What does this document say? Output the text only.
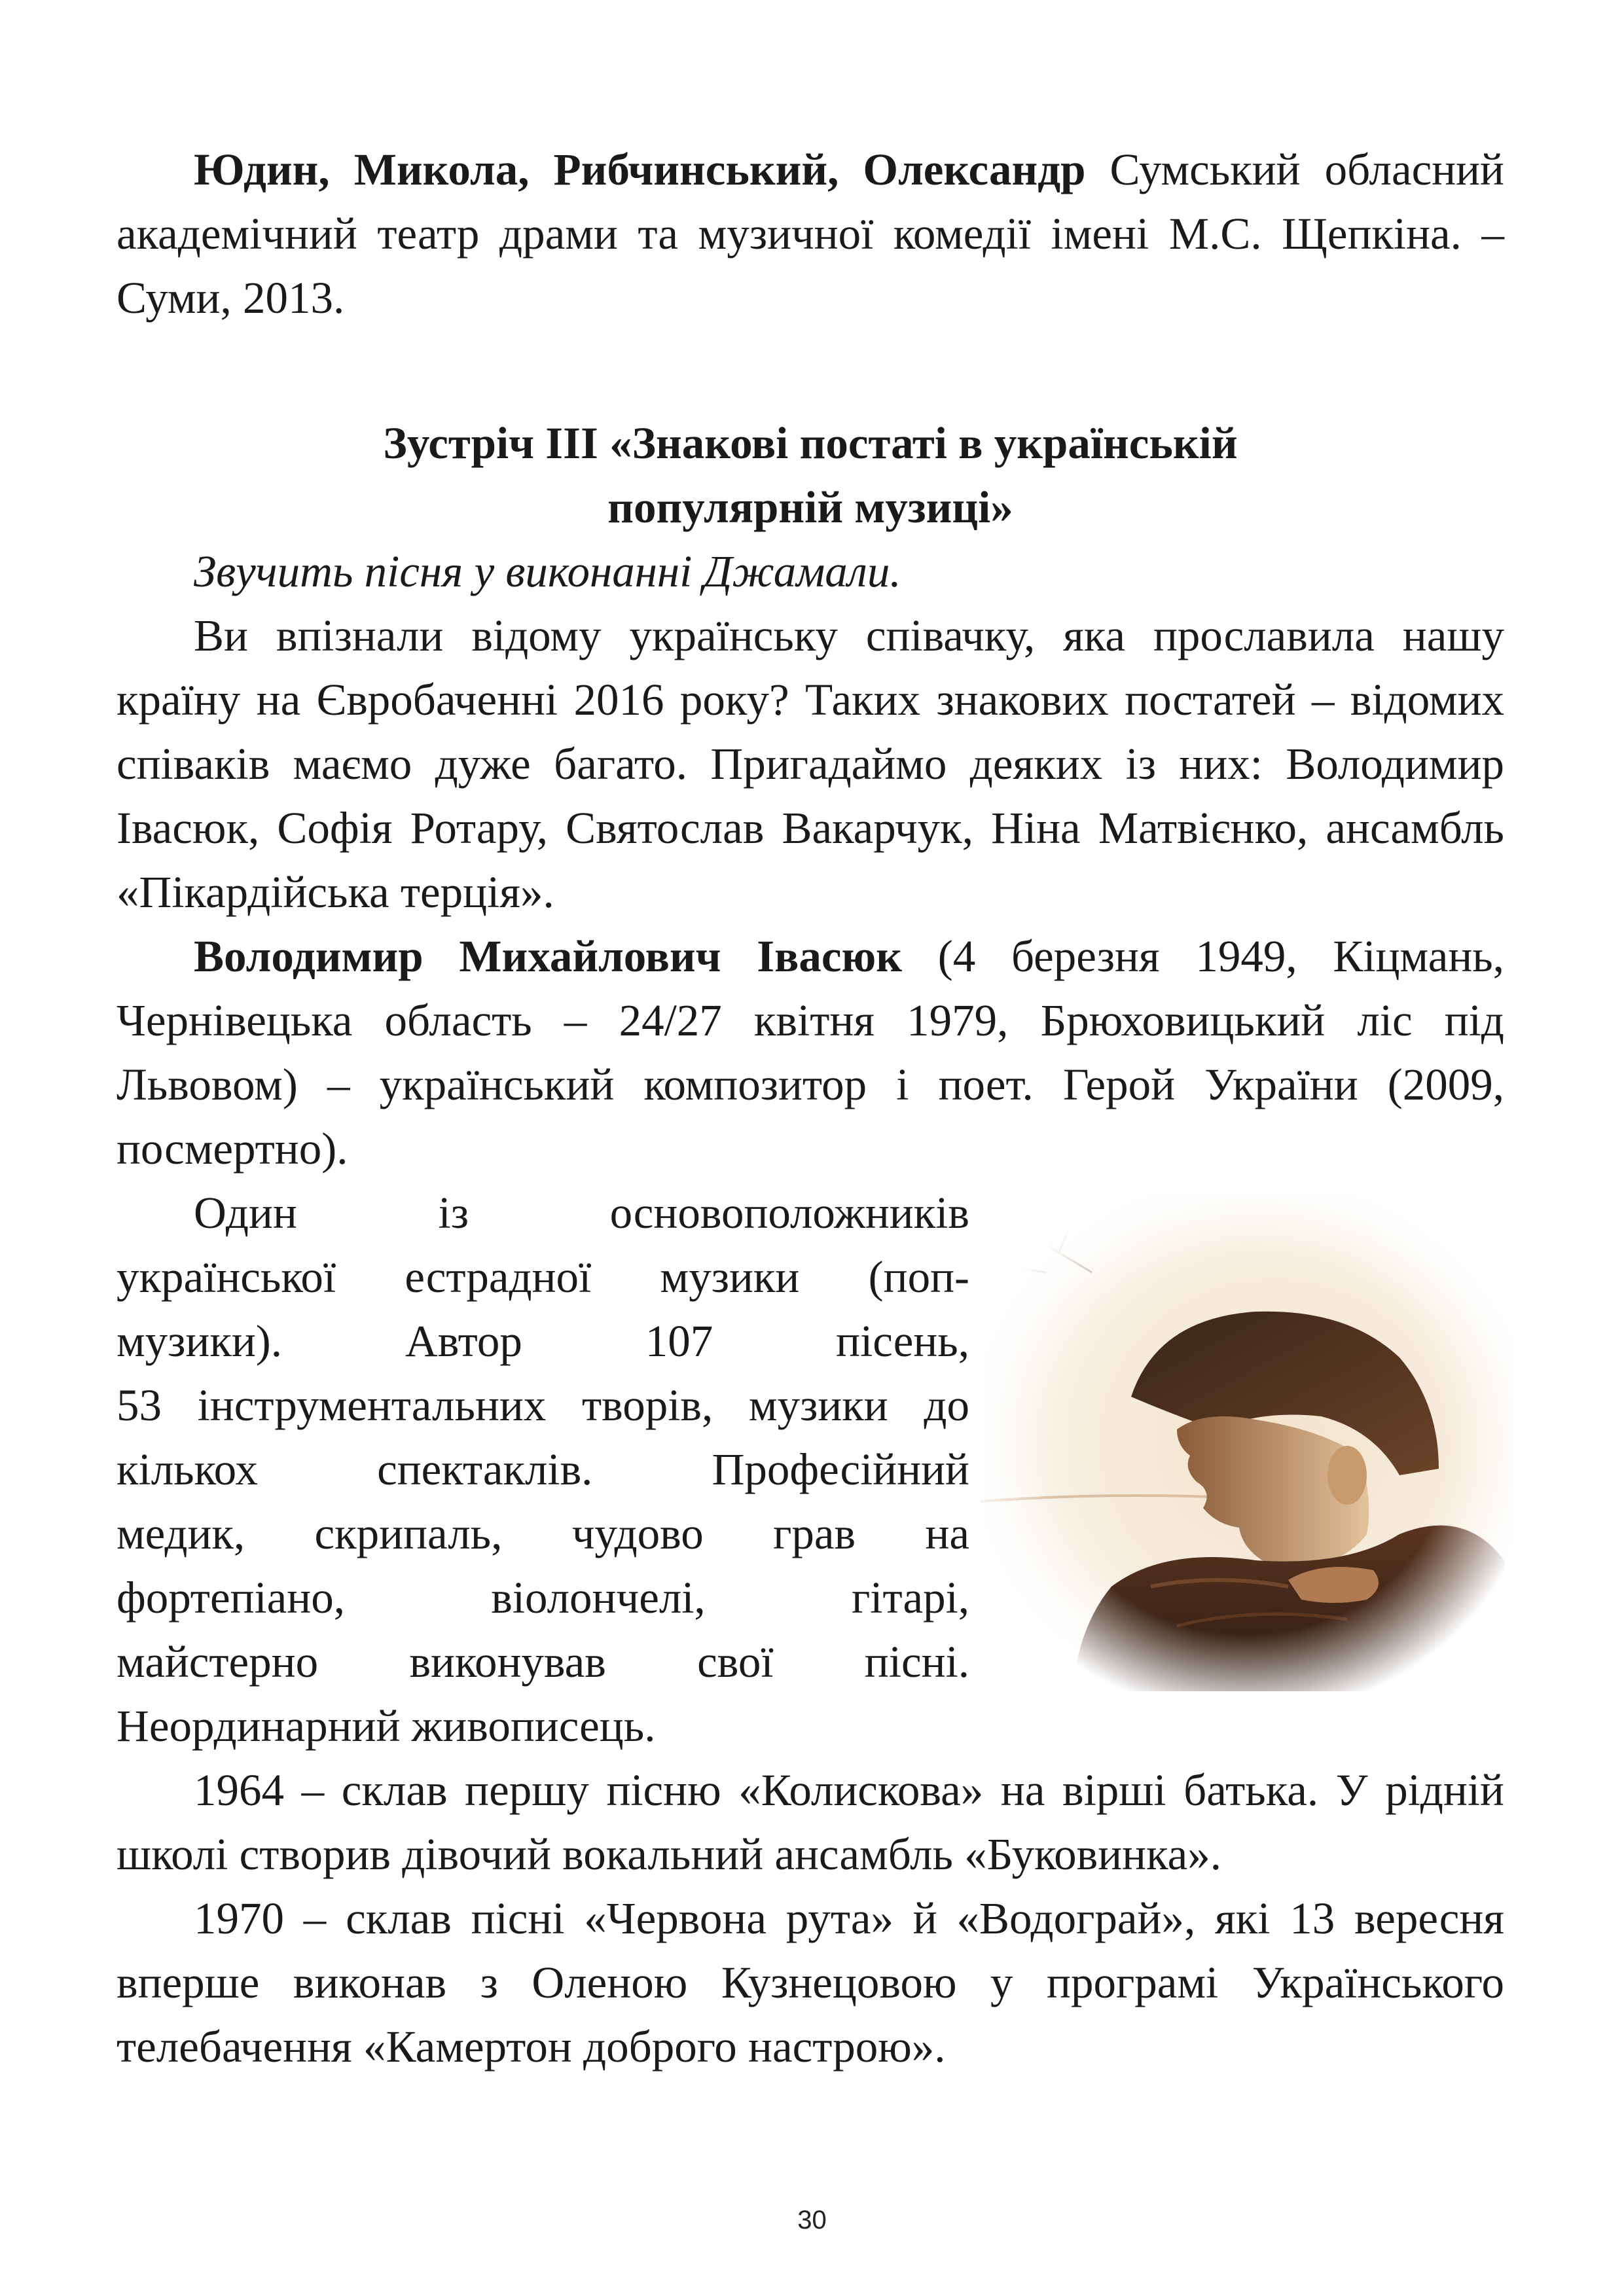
Юдин, Микола, Рибчинський, Олександр Сумський обласний академічний театр драми та музичної комедії імені М.С. Щепкіна. – Суми, 2013.

Зустріч ІІІ «Знакові постаті в українській

популярній музиці»

Звучить пісня у виконанні Джамали.

Ви впізнали відому українську співачку, яка прославила нашу країну на Євробаченні 2016 року? Таких знакових постатей – відомих співаків маємо дуже багато. Пригадаймо деяких із них: Володимир Івасюк, Софія Ротару, Святослав Вакарчук, Ніна Матвієнко, ансамбль «Пікардійська терція».

Володимир Михайлович Івасюк (4 березня 1949, Кіцмань, Чернівецька область – 24/27 квітня 1979, Брюховицький ліс під Львовом) – український композитор і поет. Герой України (2009, посмертно).

Один із основоположників

української естрадної музики (поп-

музики). Автор 107 пісень,

53 інструментальних творів, музики до

кількох спектаклів. Професійний

медик, скрипаль, чудово грав на

фортепіано, віолончелі, гітарі,

майстерно виконував свої пісні.

Неординарний живописець.

1964 – склав першу пісню «Колискова» на вірші батька. У рідній школі створив дівочий вокальний ансамбль «Буковинка».

1970 – склав пісні «Червона рута» й «Водограй», які 13 вересня вперше виконав з Оленою Кузнецовою у програмі Українського телебачення «Камертон доброго настрою».

30
